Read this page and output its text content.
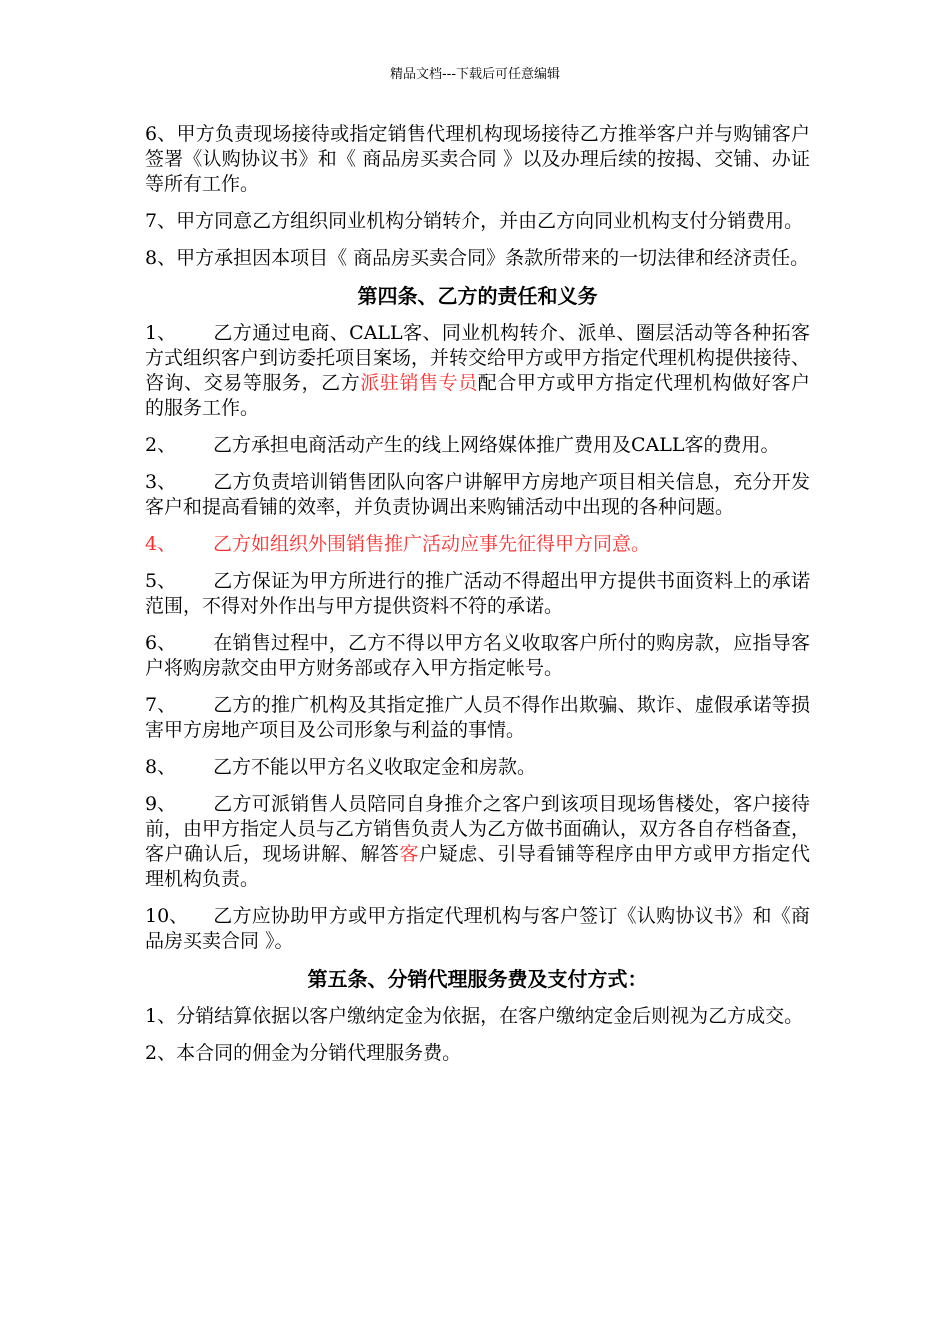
精品文档---下载后可任意编辑
6、甲方负责现场接待或指定销售代理机构现场接待乙方推举客户并与购铺客户签署《认购协议书》和《 商品房买卖合同 》以及办理后续的按揭、交铺、办证等所有工作。
7、甲方同意乙方组织同业机构分销转介，并由乙方向同业机构支付分销费用。
8、甲方承担因本项目《 商品房买卖合同》条款所带来的一切法律和经济责任。
第四条、乙方的责任和义务
1、 乙方通过电商、CALL客、同业机构转介、派单、圈层活动等各种拓客方式组织客户到访委托项目案场，并转交给甲方或甲方指定代理机构提供接待、咨询、交易等服务，乙方派驻销售专员配合甲方或甲方指定代理机构做好客户的服务工作。
2、 乙方承担电商活动产生的线上网络媒体推广费用及CALL客的费用。
3、 乙方负责培训销售团队向客户讲解甲方房地产项目相关信息，充分开发客户和提高看铺的效率，并负责协调出来购铺活动中出现的各种问题。
4、 乙方如组织外围销售推广活动应事先征得甲方同意。
5、 乙方保证为甲方所进行的推广活动不得超出甲方提供书面资料上的承诺范围，不得对外作出与甲方提供资料不符的承诺。
6、 在销售过程中，乙方不得以甲方名义收取客户所付的购房款，应指导客户将购房款交由甲方财务部或存入甲方指定帐号。
7、 乙方的推广机构及其指定推广人员不得作出欺骗、欺诈、虚假承诺等损害甲方房地产项目及公司形象与利益的事情。
8、 乙方不能以甲方名义收取定金和房款。
9、 乙方可派销售人员陪同自身推介之客户到该项目现场售楼处，客户接待前，由甲方指定人员与乙方销售负责人为乙方做书面确认，双方各自存档备查，客户确认后，现场讲解、解答客户疑虑、引导看铺等程序由甲方或甲方指定代理机构负责。
10、 乙方应协助甲方或甲方指定代理机构与客户签订《认购协议书》和《商品房买卖合同 》。
第五条、分销代理服务费及支付方式：
1、分销结算依据以客户缴纳定金为依据，在客户缴纳定金后则视为乙方成交。
2、本合同的佣金为分销代理服务费。
